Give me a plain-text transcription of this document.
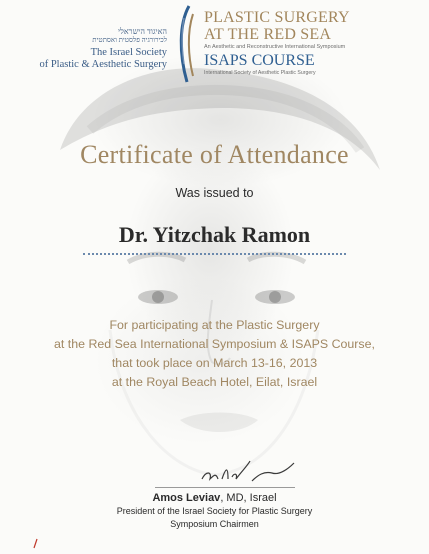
האיגוד הישראלי
לכירורגיה פלסטית ואסתטית
The Israel Society
of Plastic & Aesthetic Surgery
PLASTIC SURGERY
AT THE RED SEA
An Aesthetic and Reconstructive International Symposium
ISAPS COURSE
International Society of Aesthetic Plastic Surgery
Certificate of Attendance
Was issued to
Dr. Yitzchak Ramon
For participating at the Plastic Surgery
at the Red Sea International Symposium & ISAPS Course,
that took place on March 13-16, 2013
at the Royal Beach Hotel, Eilat, Israel
Amos Leviav, MD, Israel
President of the Israel Society for Plastic Surgery
Symposium Chairmen
